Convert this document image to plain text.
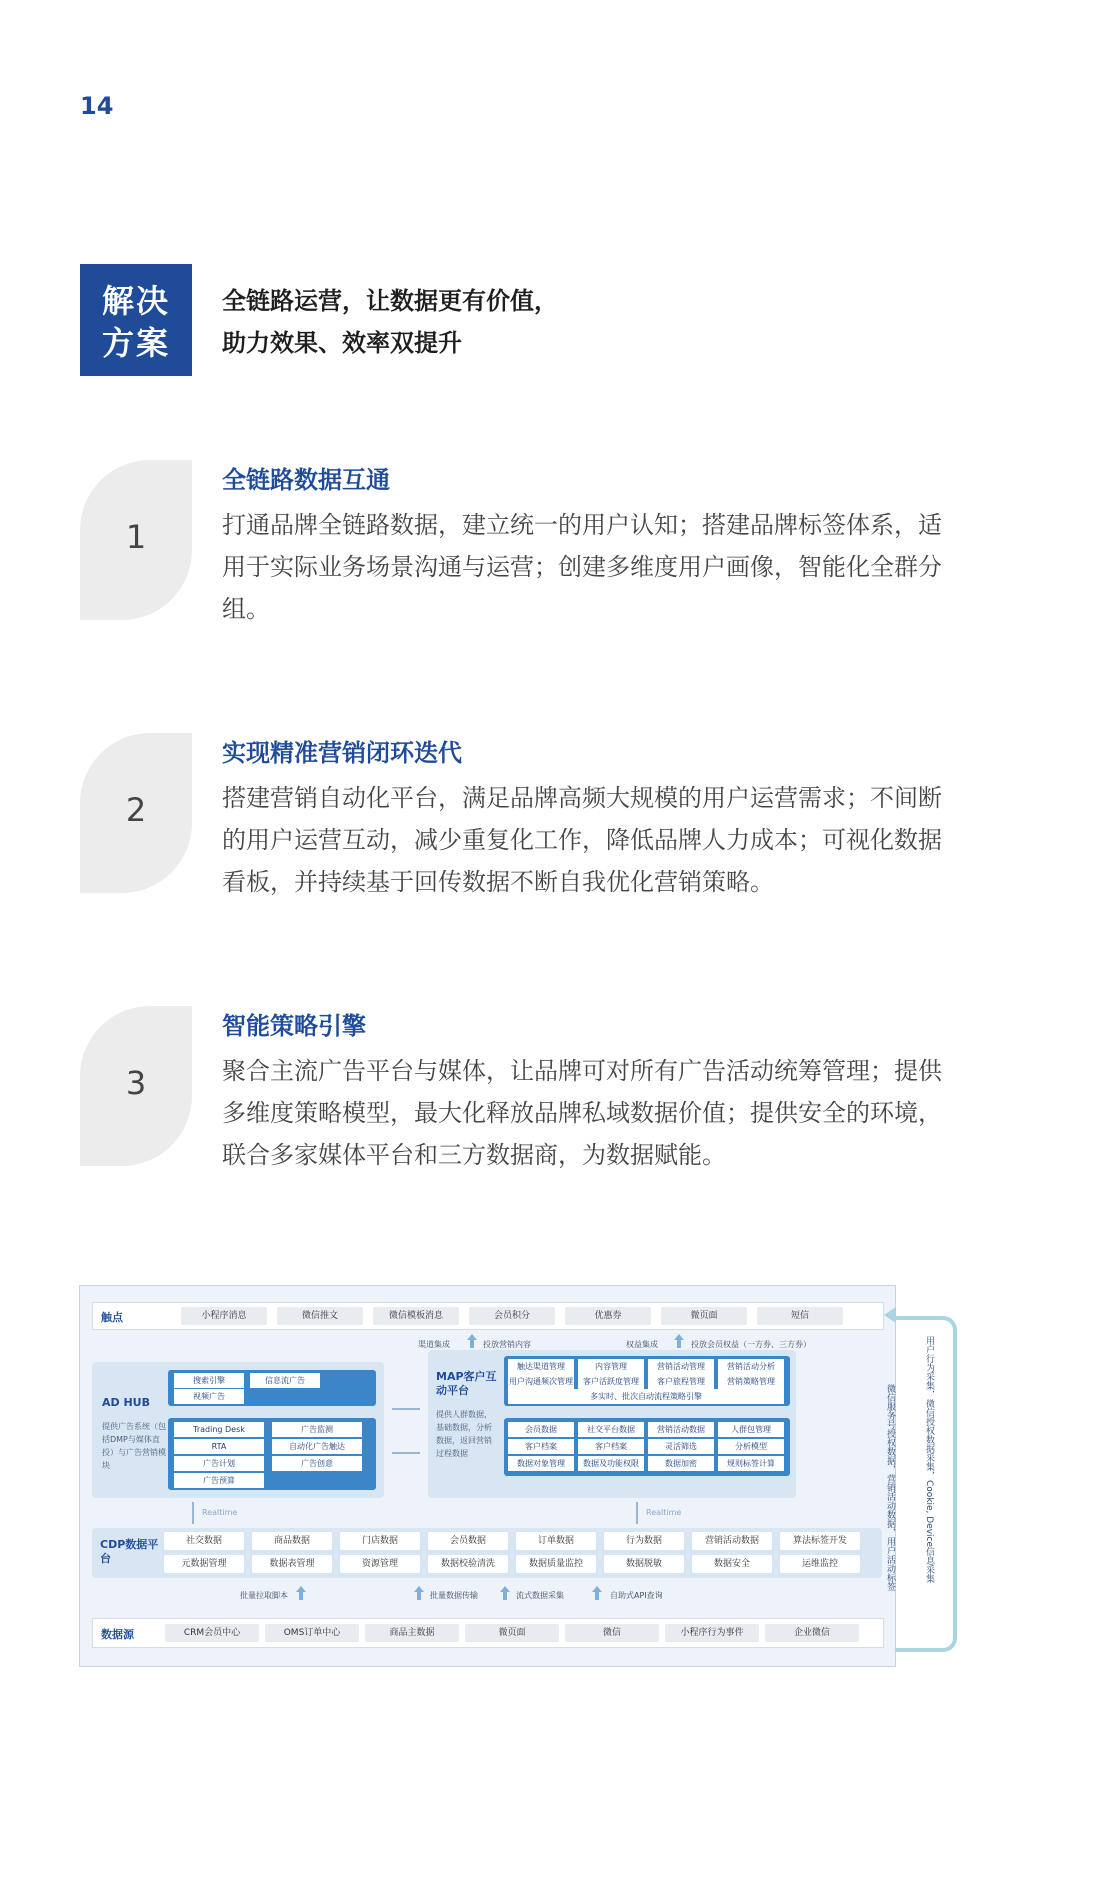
14
解决
方案
全链路运营，让数据更有价值，
助力效果、效率双提升
1
全链路数据互通
打通品牌全链路数据，建立统一的用户认知；搭建品牌标签体系，适用于实际业务场景沟通与运营；创建多维度用户画像，智能化全群分组。
2
实现精准营销闭环迭代
搭建营销自动化平台，满足品牌高频大规模的用户运营需求；不间断的用户运营互动，减少重复化工作，降低品牌人力成本；可视化数据看板，并持续基于回传数据不断自我优化营销策略。
3
智能策略引擎
聚合主流广告平台与媒体，让品牌可对所有广告活动统筹管理；提供多维度策略模型，最大化释放品牌私域数据价值；提供安全的环境，联合多家媒体平台和三方数据商，为数据赋能。
触点	小程序消息	微信推文	微信模板消息	会员积分	优惠券	微页面	短信
渠道集成	投放营销内容	权益集成	投放会员权益（一方券、三方券）
AD HUB
提供广告系统（包括DMP与媒体直投）与广告营销模块
搜索引擎	信息流广告
视频广告
Trading Desk	广告监测
RTA	自动化广告触达
广告计划	广告创意
广告预算
MAP客户互动平台
提供人群数据，基础数据，分析数据，返回营销过程数据
触达渠道管理	内容管理	营销活动管理	营销活动分析
用户沟通频次管理	客户活跃度管理	客户旅程管理	营销策略管理
多实时、批次自动流程策略引擎
会员数据	社交平台数据	营销活动数据	人群包管理
客户档案	客户档案	灵活筛选	分析模型
数据对象管理	数据及功能权限	数据加密	规则标签计算
Realtime	Realtime
CDP数据平台
社交数据	商品数据	门店数据	会员数据	订单数据	行为数据	营销活动数据	算法标签开发
元数据管理	数据表管理	资源管理	数据校验清洗	数据质量监控	数据脱敏	数据安全	运维监控
批量拉取脚本	批量数据传输	流式数据采集	自助式API查询
数据源	CRM会员中心	OMS订单中心	商品主数据	微页面	微信	小程序行为事件	企业微信
用户行为采集，微信授权数据采集，Cookie, Device信息采集
微信服务号授权数据，营销活动数据，用户活动标签
